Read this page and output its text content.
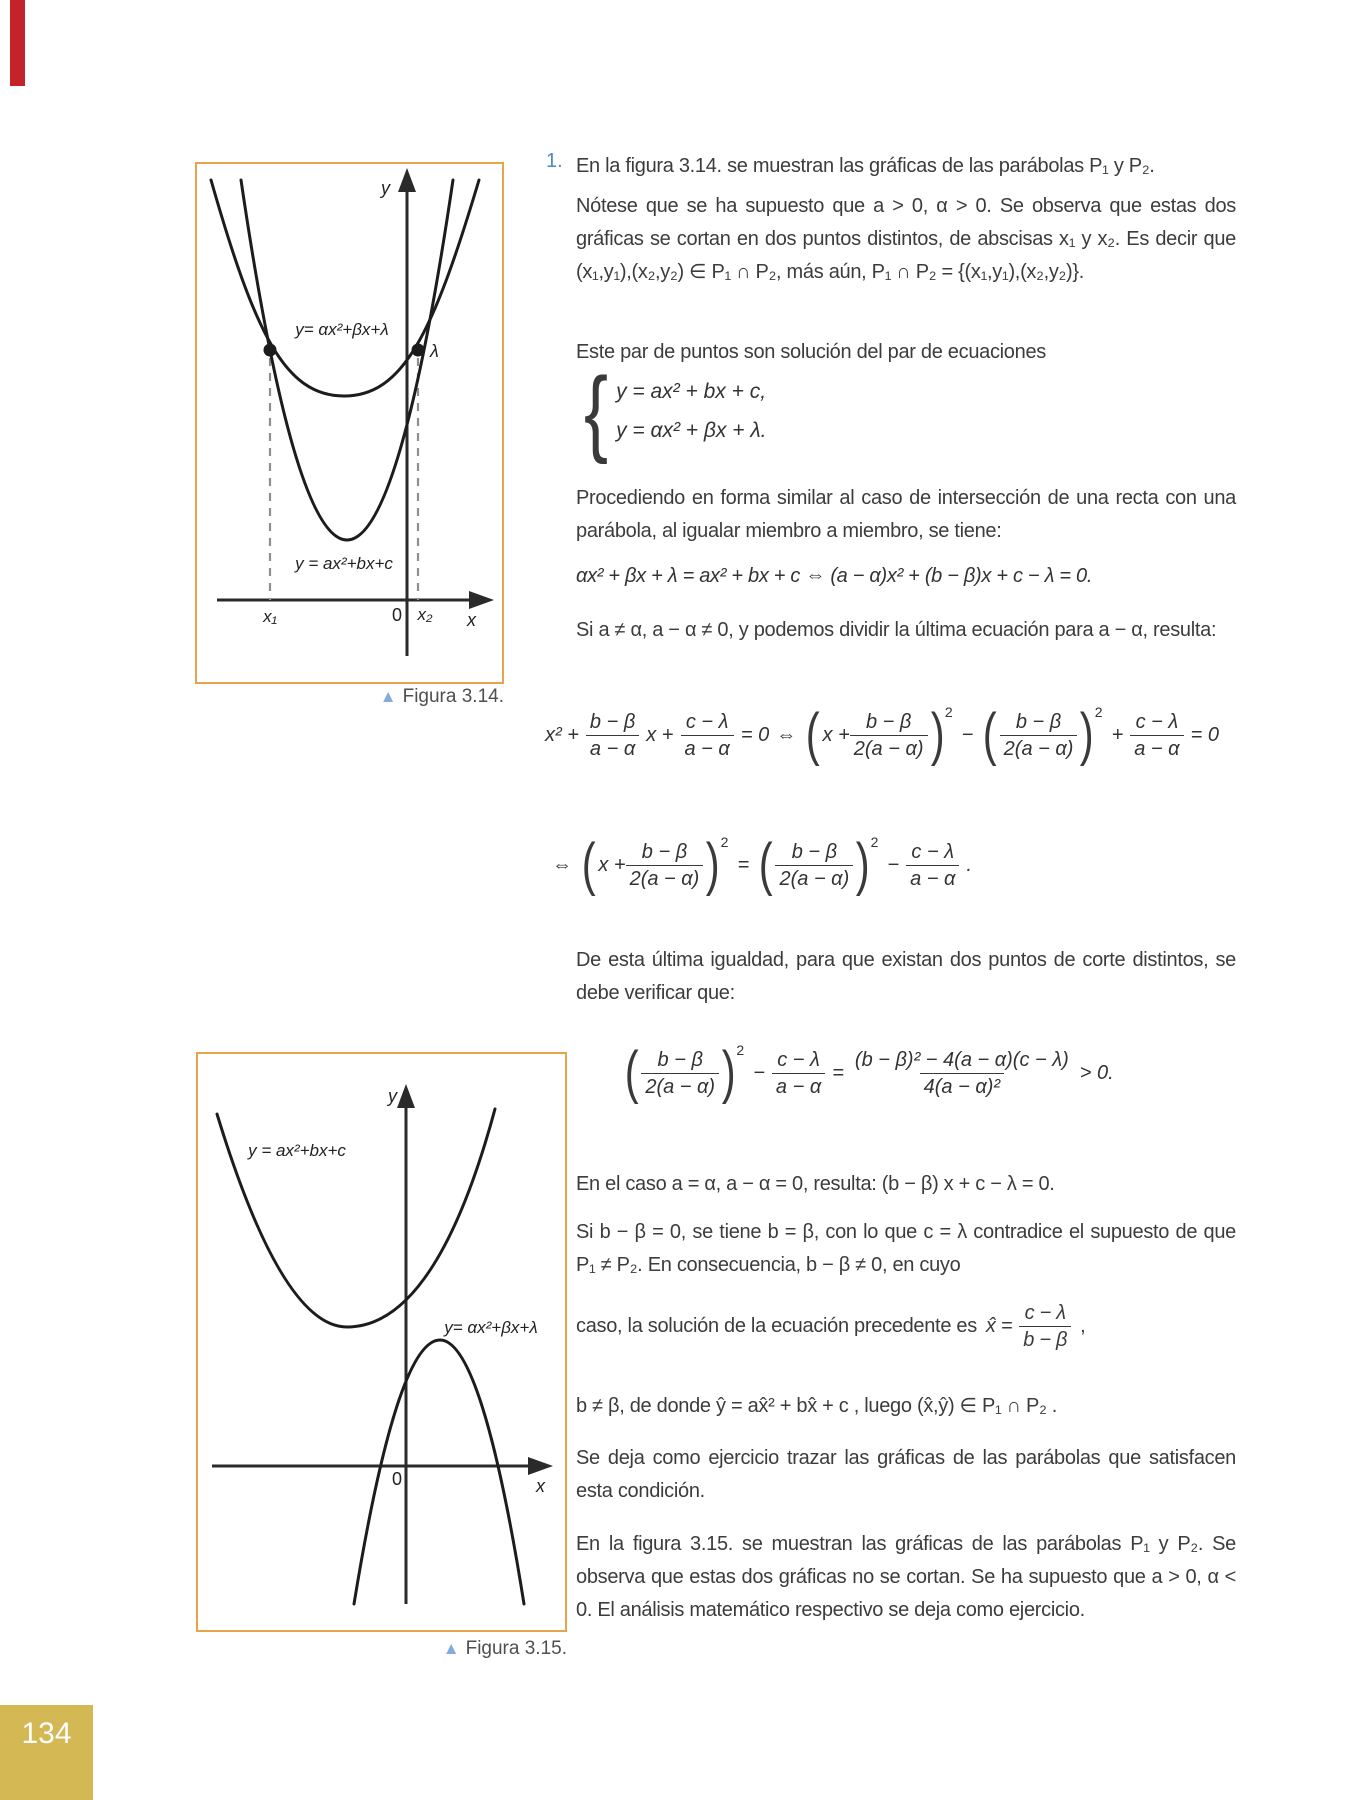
y
x
0
x₁	x₂
λ
y= αx²+βx+λ
y = ax²+bx+c
▲ Figura 3.14.
y
x
0
y = ax²+bx+c
y= αx²+βx+λ
▲ Figura 3.15.
1. En la figura 3.14. se muestran las gráficas de las parábolas P₁ y P₂.
Nótese que se ha supuesto que a > 0, α > 0. Se observa que estas dos gráficas se cortan en dos puntos distintos, de abscisas x₁ y x₂. Es decir que (x₁,y₁),(x₂,y₂) ∈ P₁ ∩ P₂, más aún, P₁ ∩ P₂ = {(x₁,y₁),(x₂,y₂)}.
Este par de puntos son solución del par de ecuaciones
{ y = ax² + bx + c,
y = αx² + βx + λ.
Procediendo en forma similar al caso de intersección de una recta con una parábola, al igualar miembro a miembro, se tiene:
αx² + βx + λ = ax² + bx + c ⇔ (a − α)x² + (b − β)x + c − λ = 0.
Si a ≠ α, a − α ≠ 0, y podemos dividir la última ecuación para a − α, resulta:
$x^2 + \frac{b - \beta}{a - \alpha}$ $x + \frac{c - \lambda}{a - \alpha} = 0$ ⇔ ( $x + \frac{b - \beta}{2(a - \alpha)}$ ) 2
− ( $\frac{b - \beta}{2(a - \alpha)}$ ) 2
+ $\frac{c - \lambda}{a - \alpha} = 0$
⇔ ( $x + \frac{b - \beta}{2(a - \alpha)}$ ) 2
= ( $\frac{b - \beta}{2(a - \alpha)}$ ) 2
− $\frac{c - \lambda}{a - \alpha}$ .
De esta última igualdad, para que existan dos puntos de corte distintos, se debe verificar que:
( $\frac{b - \beta}{2(a - \alpha)}$ ) 2
− $\frac{c - \lambda}{a - \alpha} = \frac{\text{(b − β)² − 4(a − α)(c − λ)}}{\text{4(a − α)²}} > 0$.
En el caso a = α, a − α = 0, resulta: (b − β) x + c − λ = 0.
Si b − β = 0, se tiene b = β, con lo que c = λ contradice el supuesto de que P₁ ≠ P₂. En consecuencia, b − β ≠ 0, en cuyo
caso, la solución de la ecuación precedente es x̂ = $\frac{c - \lambda}{b - \beta}$ ,
b ≠ β, de donde ŷ = ax̂² + bx̂ + c , luego (x̂,ŷ) ∈ P₁ ∩ P₂ .
Se deja como ejercicio trazar las gráficas de las parábolas que satisfacen esta condición.
En la figura 3.15. se muestran las gráficas de las parábolas P₁ y P₂. Se observa que estas dos gráficas no se cortan. Se ha supuesto que a > 0, α < 0. El análisis matemático respectivo se deja como ejercicio.
134
